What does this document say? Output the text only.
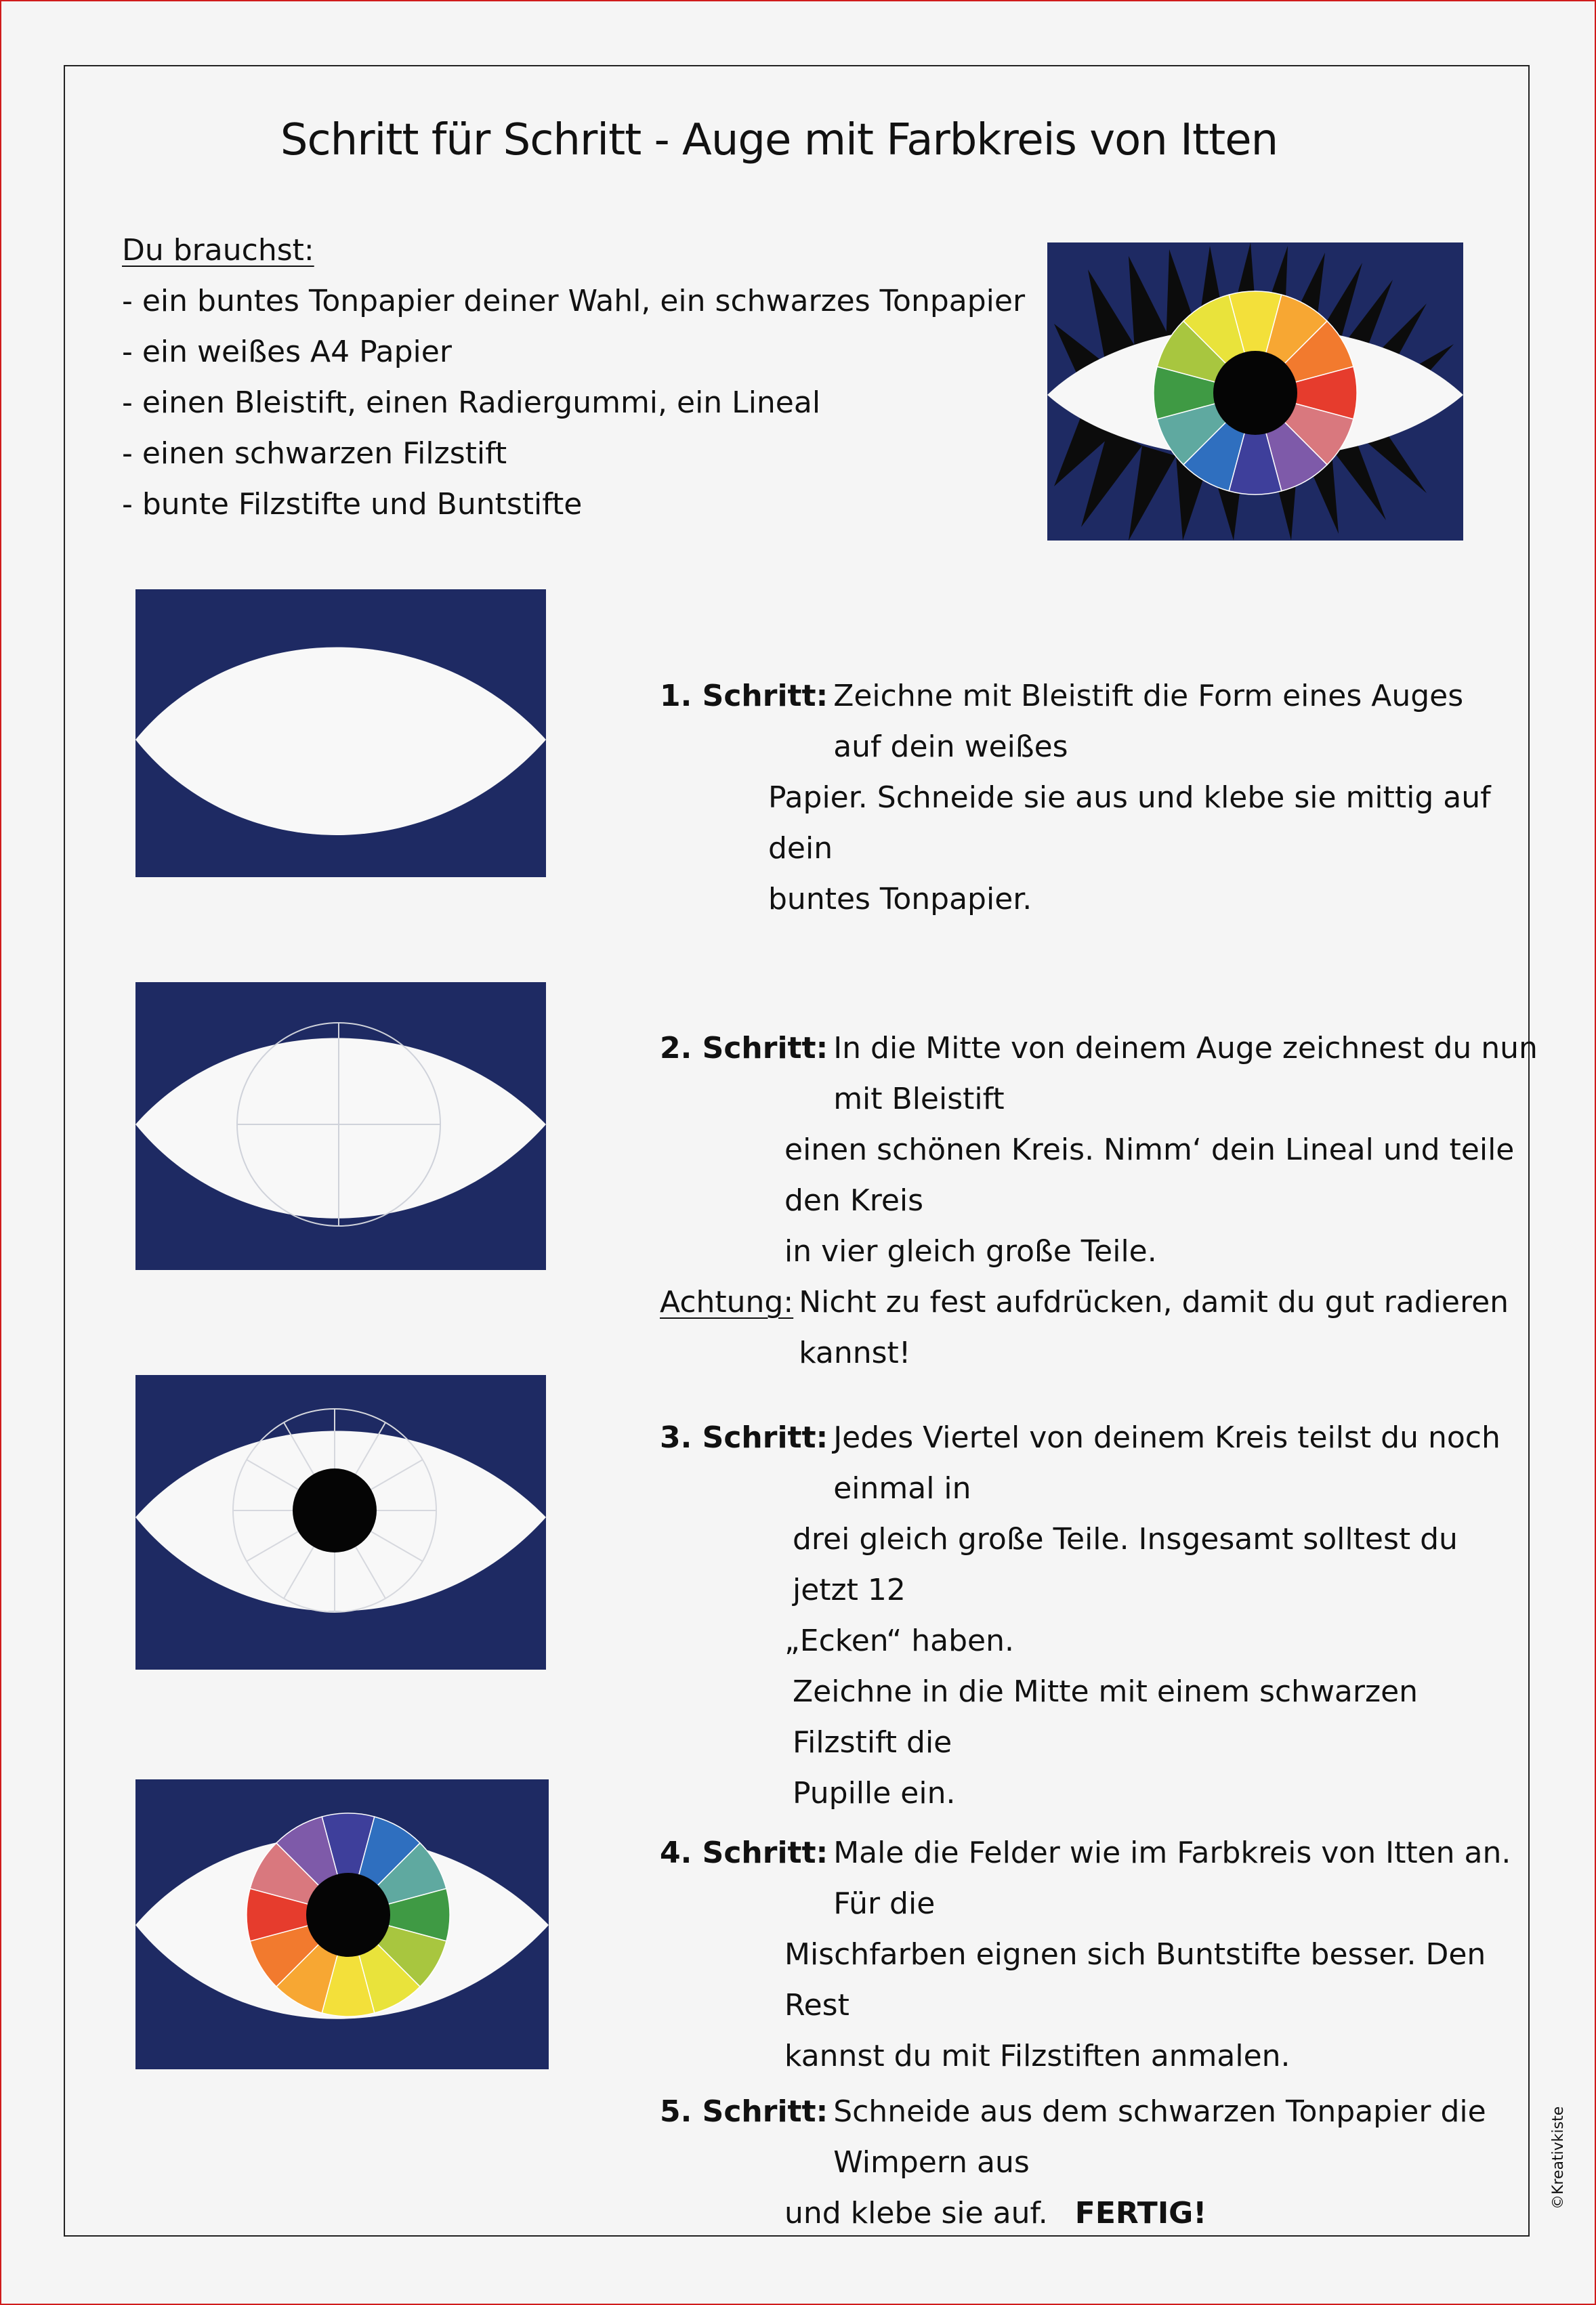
Schritt für Schritt - Auge mit Farbkreis von Itten
Du brauchst:
- ein buntes Tonpapier deiner Wahl, ein schwarzes Tonpapier
- ein weißes A4 Papier
- einen Bleistift, einen Radiergummi, ein Lineal
- einen schwarzen Filzstift
- bunte Filzstifte und Buntstifte
1. Schritt: Zeichne mit Bleistift die Form eines Auges auf dein weißes
Papier. Schneide sie aus und klebe sie mittig auf dein
buntes Tonpapier.
2. Schritt: In die Mitte von deinem Auge zeichnest du nun mit Bleistift
einen schönen Kreis. Nimm‘ dein Lineal und teile den Kreis
in vier gleich große Teile.
Achtung: Nicht zu fest aufdrücken, damit du gut radieren kannst!
3. Schritt: Jedes Viertel von deinem Kreis teilst du noch einmal in
drei gleich große Teile. Insgesamt solltest du jetzt 12
„Ecken“ haben.
Zeichne in die Mitte mit einem schwarzen Filzstift die
Pupille ein.
4. Schritt: Male die Felder wie im Farbkreis von Itten an. Für die
Mischfarben eignen sich Buntstifte besser. Den Rest
kannst du mit Filzstiften anmalen.
5. Schritt: Schneide aus dem schwarzen Tonpapier die Wimpern aus
und klebe sie auf. FERTIG!
©Kreativkiste
